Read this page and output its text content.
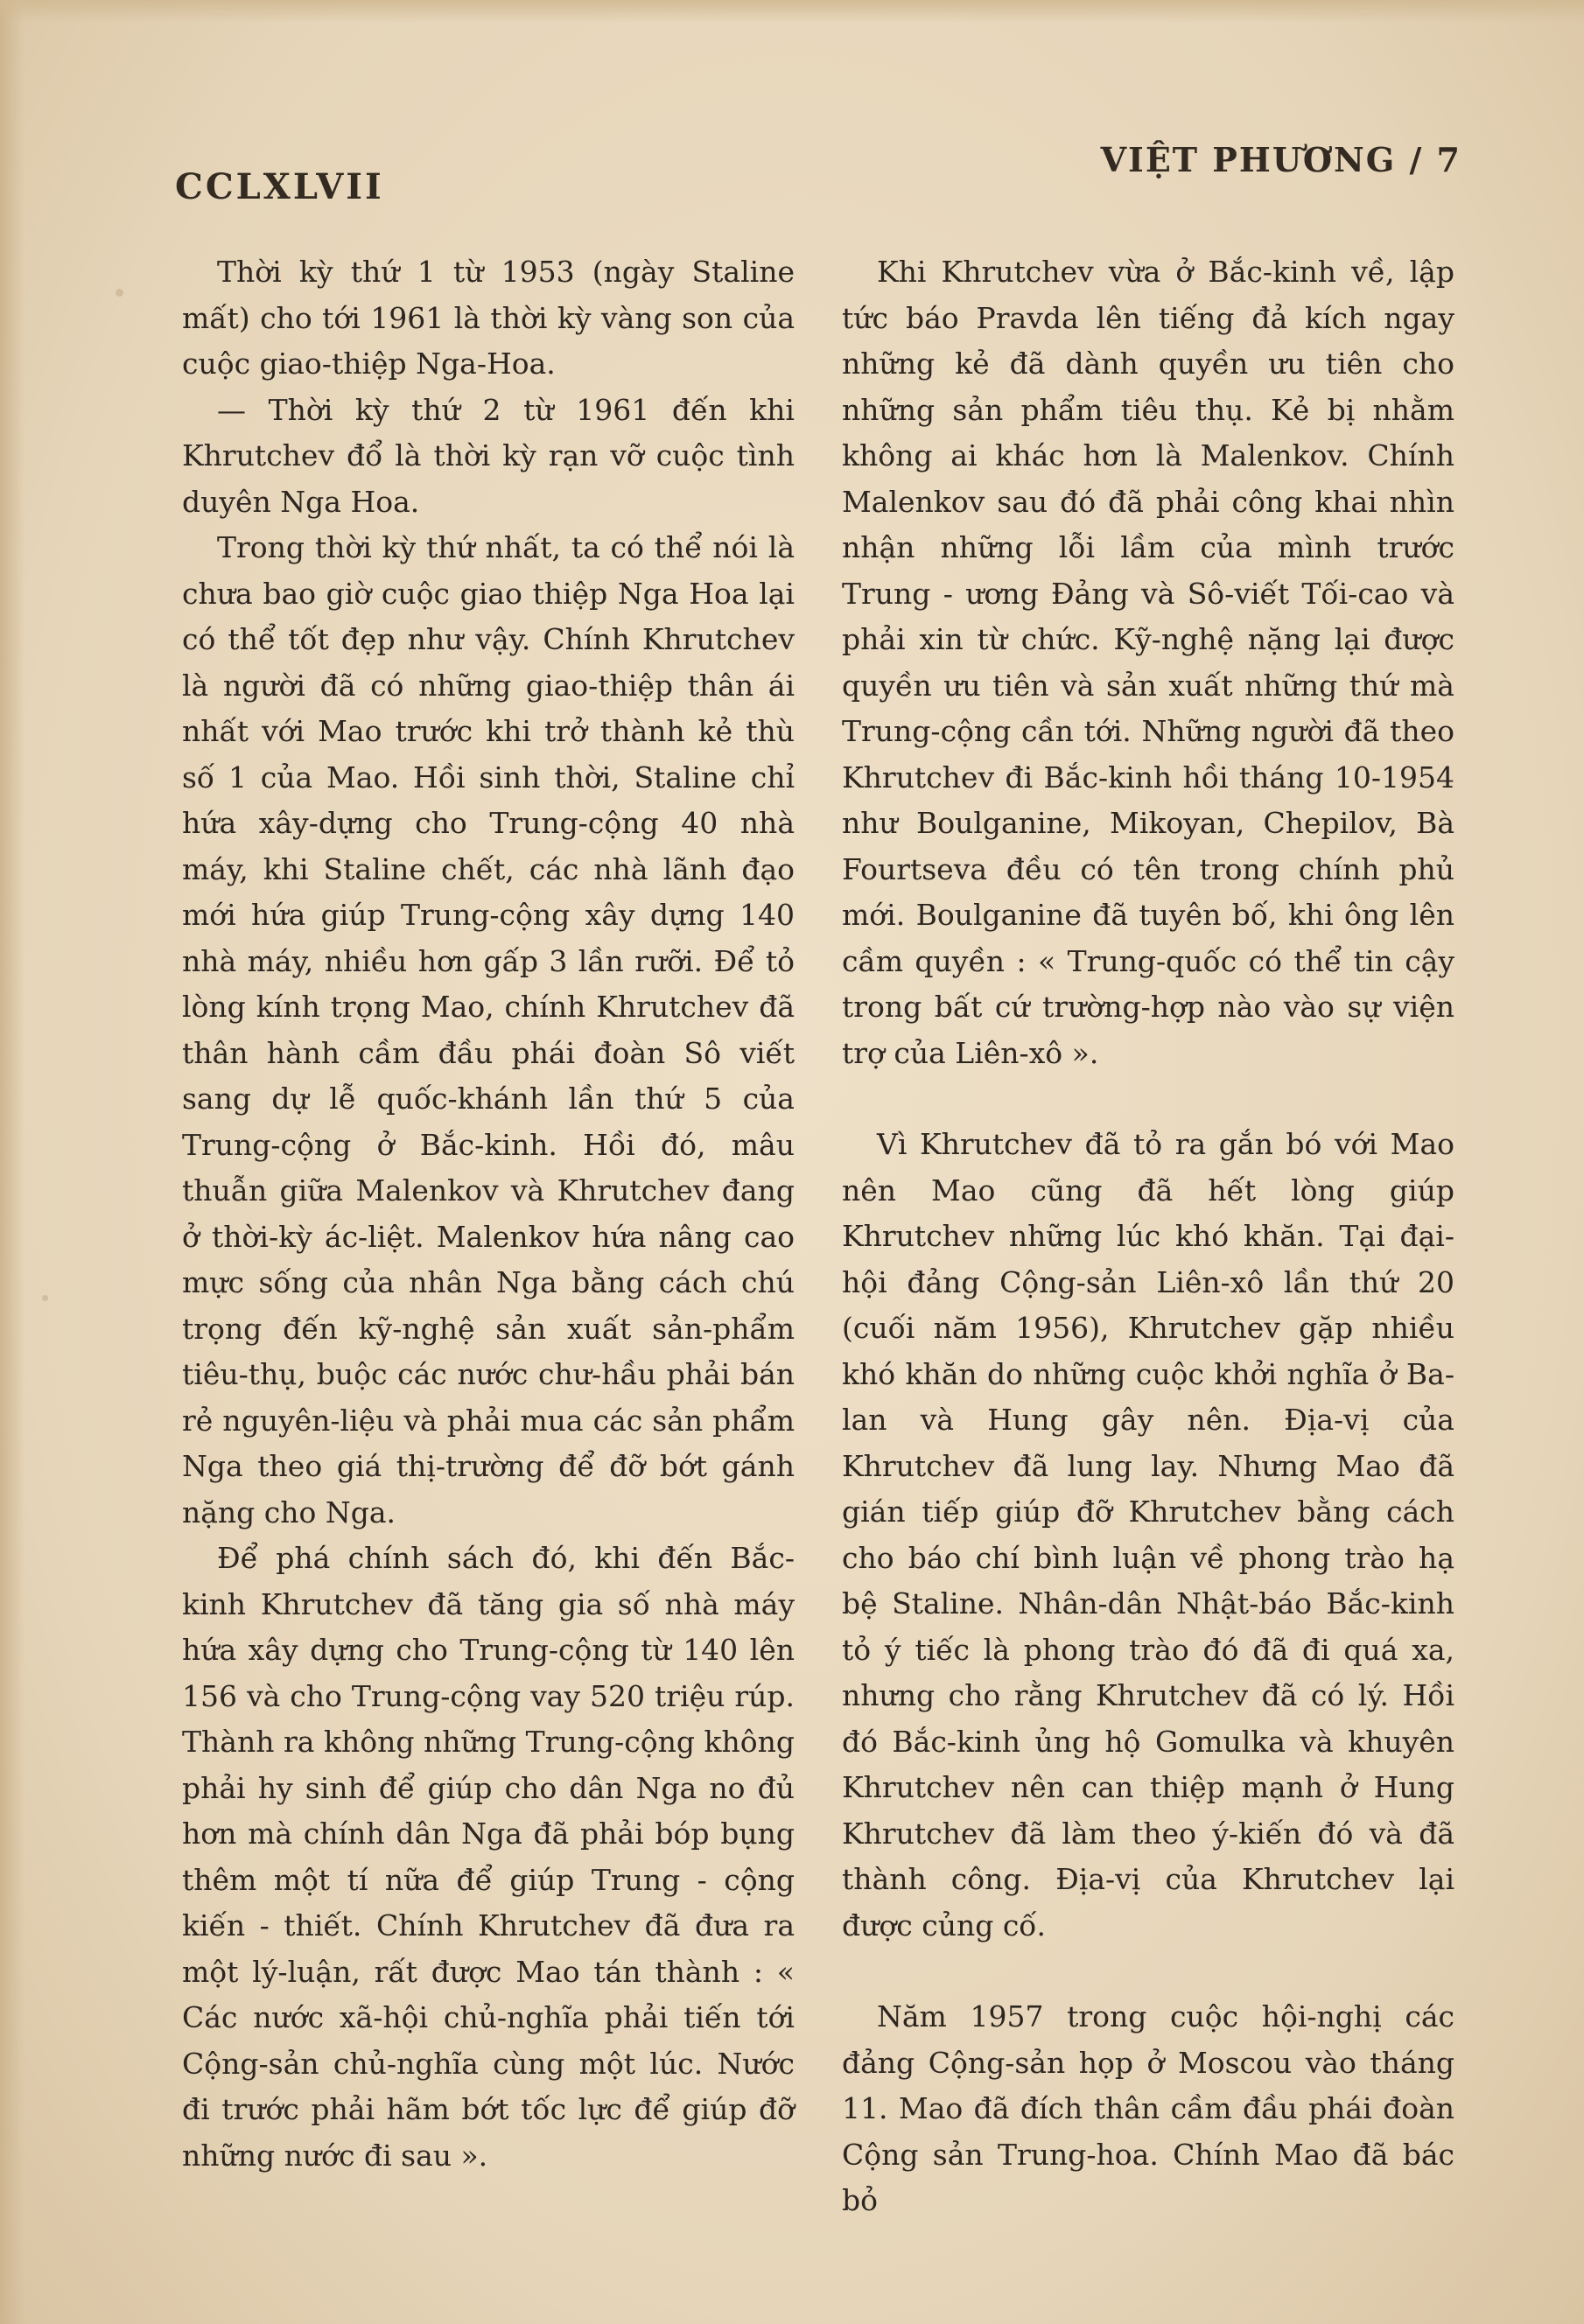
CCLXLVII
VIỆT PHƯƠNG / 7

Thời kỳ thứ 1 từ 1953 (ngày Staline mất) cho tới 1961 là thời kỳ vàng son của cuộc giao-thiệp Nga-Hoa.

— Thời kỳ thứ 2 từ 1961 đến khi Khrutchev đổ là thời kỳ rạn vỡ cuộc tình duyên Nga Hoa.

Trong thời kỳ thứ nhất, ta có thể nói là chưa bao giờ cuộc giao thiệp Nga Hoa lại có thể tốt đẹp như vậy. Chính Khrutchev là người đã có những giao-thiệp thân ái nhất với Mao trước khi trở thành kẻ thù số 1 của Mao. Hồi sinh thời, Staline chỉ hứa xây-dựng cho Trung-cộng 40 nhà máy, khi Staline chết, các nhà lãnh đạo mới hứa giúp Trung-cộng xây dựng 140 nhà máy, nhiều hơn gấp 3 lần rưỡi. Để tỏ lòng kính trọng Mao, chính Khrutchev đã thân hành cầm đầu phái đoàn Sô viết sang dự lễ quốc-khánh lần thứ 5 của Trung-cộng ở Bắc-kinh. Hồi đó, mâu thuẫn giữa Malenkov và Khrutchev đang ở thời-kỳ ác-liệt. Malenkov hứa nâng cao mực sống của nhân Nga bằng cách chú trọng đến kỹ-nghệ sản xuất sản-phẩm tiêu-thụ, buộc các nước chư-hầu phải bán rẻ nguyên-liệu và phải mua các sản phẩm Nga theo giá thị-trường để đỡ bớt gánh nặng cho Nga.

Để phá chính sách đó, khi đến Bắc-kinh Khrutchev đã tăng gia số nhà máy hứa xây dựng cho Trung-cộng từ 140 lên 156 và cho Trung-cộng vay 520 triệu rúp. Thành ra không những Trung-cộng không phải hy sinh để giúp cho dân Nga no đủ hơn mà chính dân Nga đã phải bóp bụng thêm một tí nữa để giúp Trung - cộng kiến - thiết. Chính Khrutchev đã đưa ra một lý-luận, rất được Mao tán thành : « Các nước xã-hội chủ-nghĩa phải tiến tới Cộng-sản chủ-nghĩa cùng một lúc. Nước đi trước phải hãm bớt tốc lực để giúp đỡ những nước đi sau ».

Khi Khrutchev vừa ở Bắc-kinh về, lập tức báo Pravda lên tiếng đả kích ngay những kẻ đã dành quyền ưu tiên cho những sản phẩm tiêu thụ. Kẻ bị nhằm không ai khác hơn là Malenkov. Chính Malenkov sau đó đã phải công khai nhìn nhận những lỗi lầm của mình trước Trung - ương Đảng và Sô-viết Tối-cao và phải xin từ chức. Kỹ-nghệ nặng lại được quyền ưu tiên và sản xuất những thứ mà Trung-cộng cần tới. Những người đã theo Khrutchev đi Bắc-kinh hồi tháng 10-1954 như Boulganine, Mikoyan, Chepilov, Bà Fourtseva đều có tên trong chính phủ mới. Boulganine đã tuyên bố, khi ông lên cầm quyền : « Trung-quốc có thể tin cậy trong bất cứ trường-hợp nào vào sự viện trợ của Liên-xô ».

Vì Khrutchev đã tỏ ra gắn bó với Mao nên Mao cũng đã hết lòng giúp Khrutchev những lúc khó khăn. Tại đại-hội đảng Cộng-sản Liên-xô lần thứ 20 (cuối năm 1956), Khrutchev gặp nhiều khó khăn do những cuộc khởi nghĩa ở Ba-lan và Hung gây nên. Địa-vị của Khrutchev đã lung lay. Nhưng Mao đã gián tiếp giúp đỡ Khrutchev bằng cách cho báo chí bình luận về phong trào hạ bệ Staline. Nhân-dân Nhật-báo Bắc-kinh tỏ ý tiếc là phong trào đó đã đi quá xa, nhưng cho rằng Khrutchev đã có lý. Hồi đó Bắc-kinh ủng hộ Gomulka và khuyên Khrutchev nên can thiệp mạnh ở Hung Khrutchev đã làm theo ý-kiến đó và đã thành công. Địa-vị của Khrutchev lại được củng cố.

Năm 1957 trong cuộc hội-nghị các đảng Cộng-sản họp ở Moscou vào tháng 11. Mao đã đích thân cầm đầu phái đoàn Cộng sản Trung-hoa. Chính Mao đã bác bỏ
